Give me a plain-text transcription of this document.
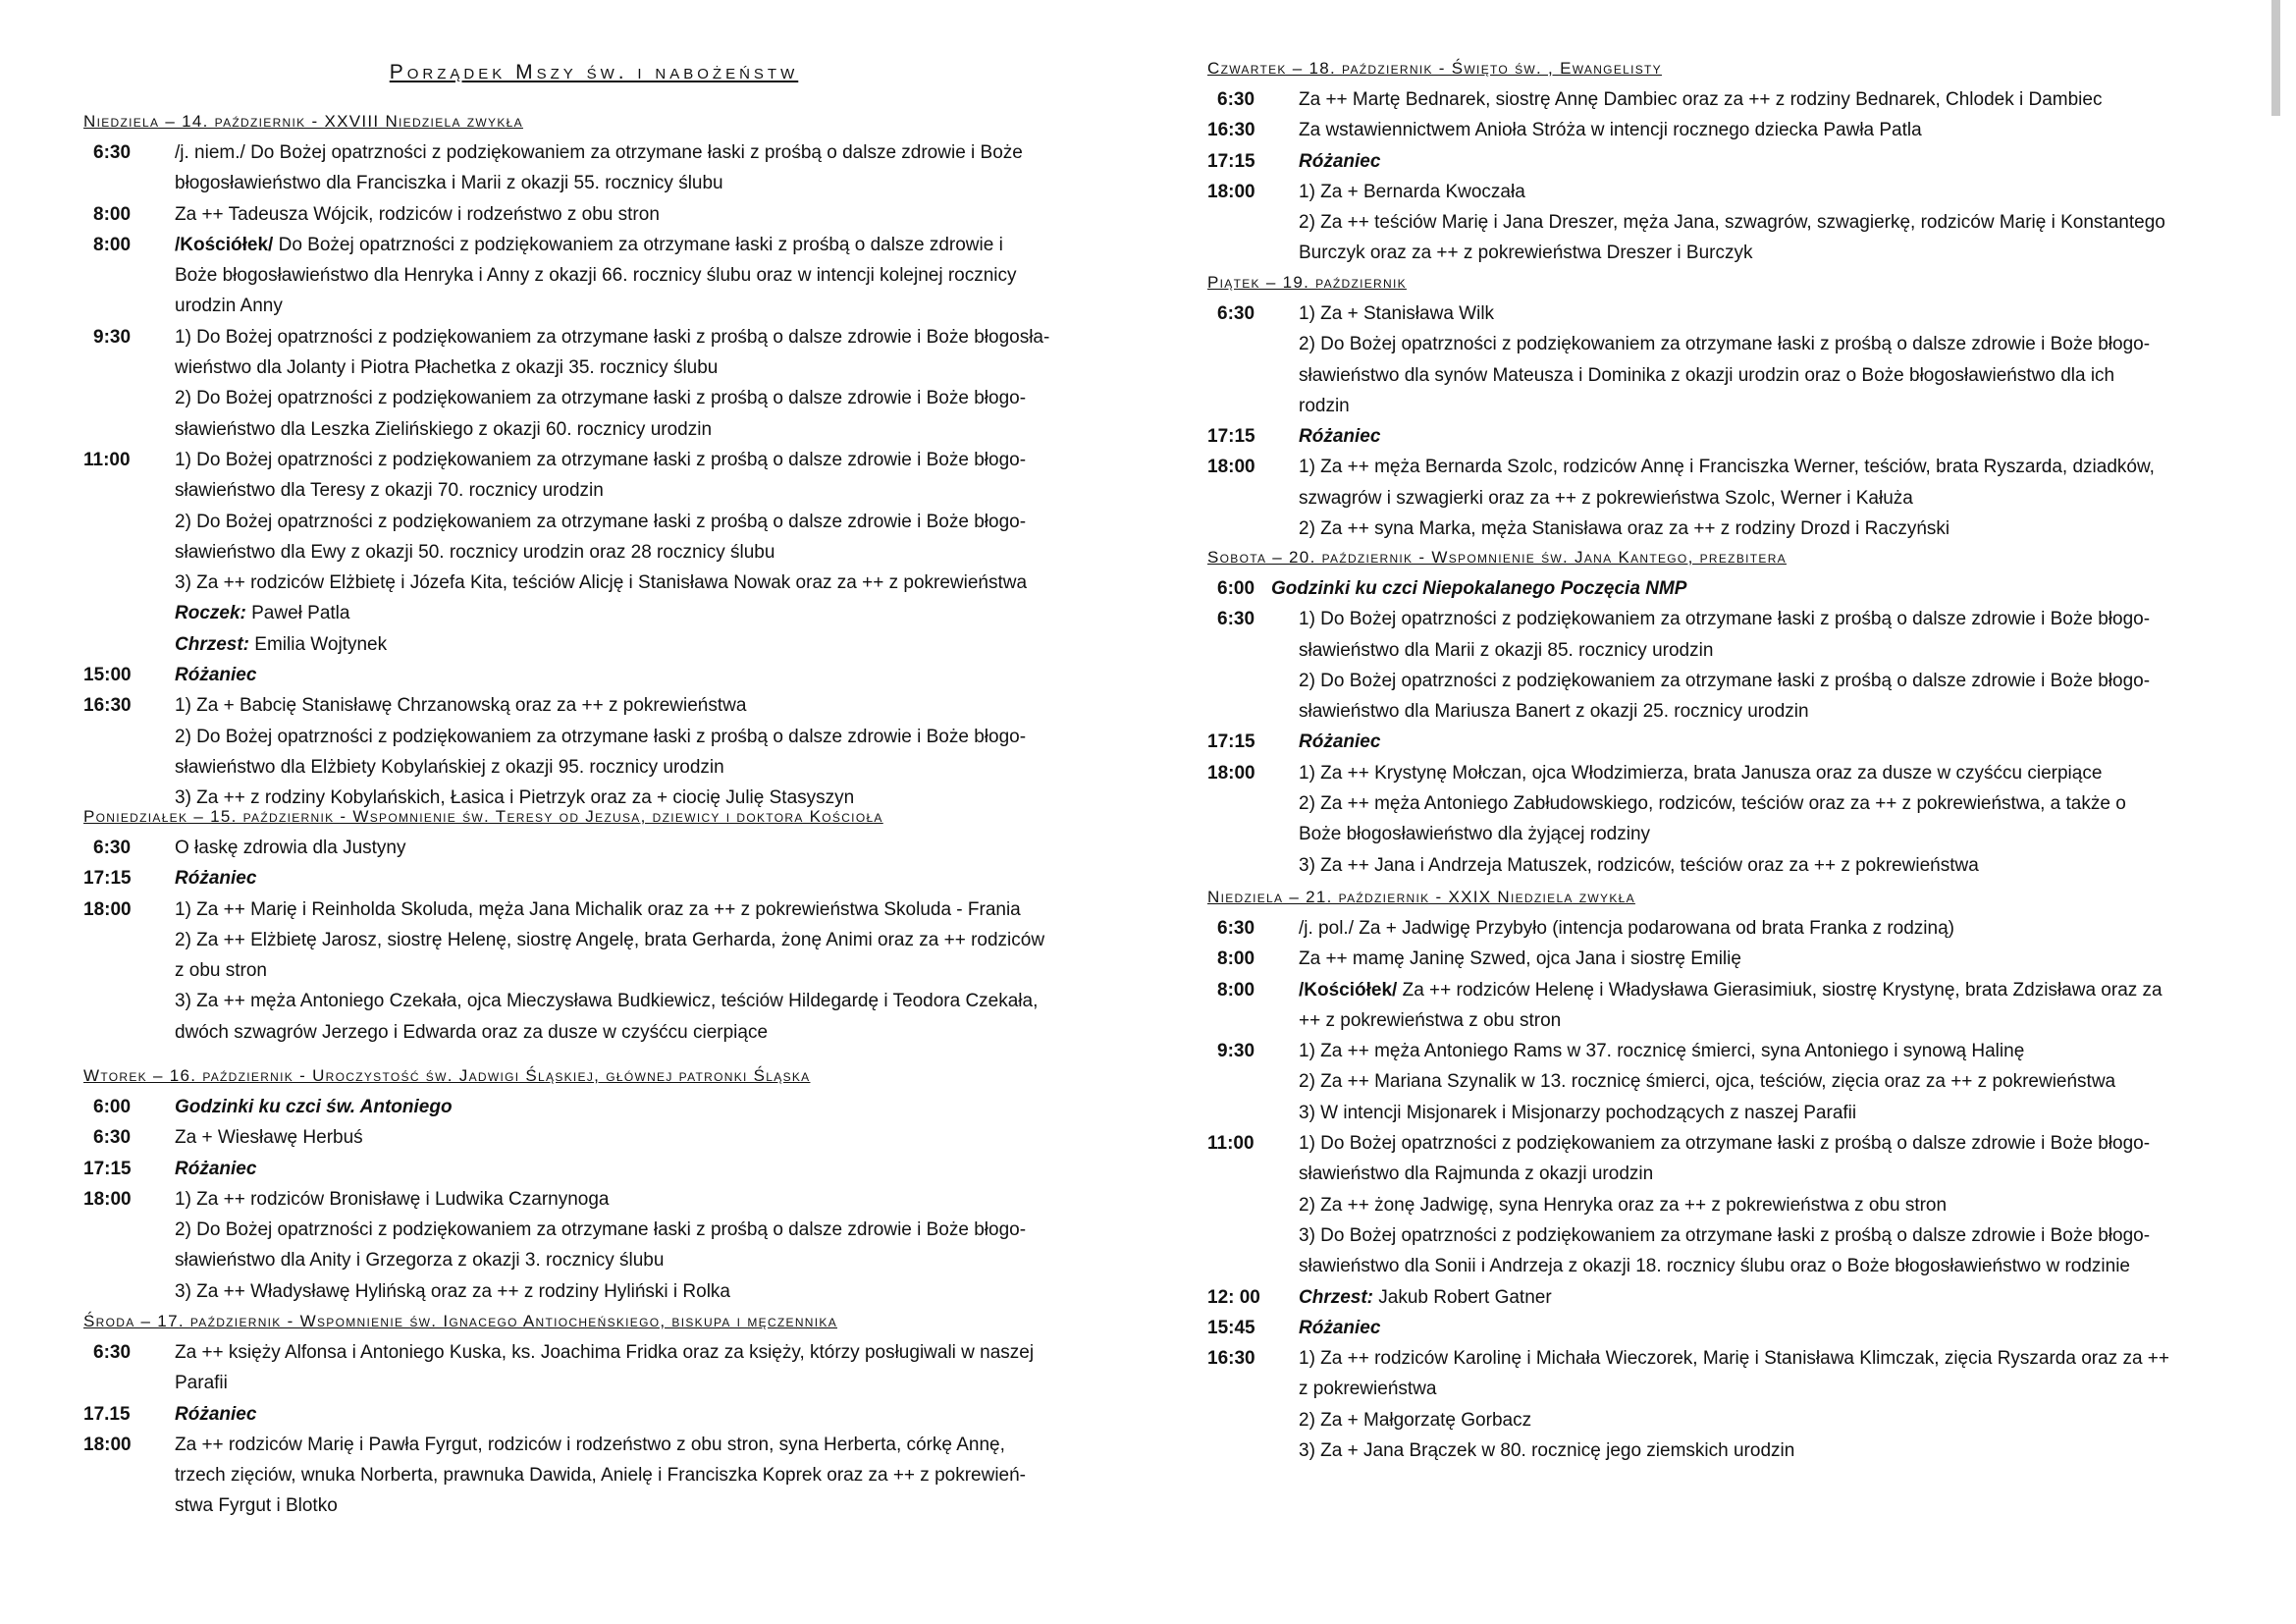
Porządek Mszy św. i nabożeństw
Niedziela – 14. październik - XXVIII Niedziela zwykła
6:30	/j. niem./ Do Bożej opatrzności z podziękowaniem za otrzymane łaski z prośbą o dalsze zdrowie i Boże
błogosławieństwo dla Franciszka i Marii z okazji 55. rocznicy ślubu
8:00	Za ++ Tadeusza Wójcik, rodziców i rodzeństwo z obu stron
8:00	/Kościółek/ Do Bożej opatrzności z podziękowaniem za otrzymane łaski z prośbą o dalsze zdrowie i
Boże błogosławieństwo dla Henryka i Anny z okazji 66. rocznicy ślubu oraz w intencji kolejnej rocznicy
urodzin Anny
9:30	1) Do Bożej opatrzności z podziękowaniem za otrzymane łaski z prośbą o dalsze zdrowie i Boże błogosła-
wieństwo dla Jolanty i Piotra Płachetka z okazji 35. rocznicy ślubu
2) Do Bożej opatrzności z podziękowaniem za otrzymane łaski z prośbą o dalsze zdrowie i Boże błogo-
sławieństwo dla Leszka Zielińskiego z okazji 60. rocznicy urodzin
11:00	1) Do Bożej opatrzności z podziękowaniem za otrzymane łaski z prośbą o dalsze zdrowie i Boże błogo-
sławieństwo dla Teresy z okazji 70. rocznicy urodzin
2) Do Bożej opatrzności z podziękowaniem za otrzymane łaski z prośbą o dalsze zdrowie i Boże błogo-
sławieństwo dla Ewy z okazji 50. rocznicy urodzin oraz 28 rocznicy ślubu
3) Za ++ rodziców Elżbietę i Józefa Kita, teściów Alicję i Stanisława Nowak oraz za ++ z pokrewieństwa
Roczek: Paweł Patla
Chrzest: Emilia Wojtynek
15:00	Różaniec
16:30	1) Za + Babcię Stanisławę Chrzanowską oraz za ++ z pokrewieństwa
2) Do Bożej opatrzności z podziękowaniem za otrzymane łaski z prośbą o dalsze zdrowie i Boże błogo-
sławieństwo dla Elżbiety Kobylańskiej z okazji 95. rocznicy urodzin
3) Za ++ z rodziny Kobylańskich, Łasica i Pietrzyk oraz za + ciocię Julię Stasyszyn
Poniedziałek – 15. październik - Wspomnienie św. Teresy od Jezusa, dziewicy i doktora Kościoła
6:30	O łaskę zdrowia dla Justyny
17:15	Różaniec
18:00	1) Za ++ Marię i Reinholda Skoluda, męża Jana Michalik oraz za ++ z pokrewieństwa Skoluda - Frania
2) Za ++ Elżbietę Jarosz, siostrę Helenę, siostrę Angelę, brata Gerharda, żonę Animi oraz za ++ rodziców
z obu stron
3) Za ++ męża Antoniego Czekała, ojca Mieczysława Budkiewicz, teściów Hildegardę i Teodora Czekała,
dwóch szwagrów Jerzego i Edwarda oraz za dusze w czyśćcu cierpiące
Wtorek – 16. październik - Uroczystość św. Jadwigi Śląskiej, głównej patronki Śląska
6:00	Godzinki ku czci św. Antoniego
6:30	Za + Wiesławę Herbuś
17:15	Różaniec
18:00	1) Za ++ rodziców Bronisławę i Ludwika Czarnynoga
2) Do Bożej opatrzności z podziękowaniem za otrzymane łaski z prośbą o dalsze zdrowie i Boże błogo-
sławieństwo dla Anity i Grzegorza z okazji 3. rocznicy ślubu
3) Za ++ Władysławę Hylińską oraz za ++ z rodziny Hyliński i Rolka
Środa – 17. październik - Wspomnienie św. Ignacego Antiocheńskiego, biskupa i męczennika
6:30	Za ++ księży Alfonsa i Antoniego Kuska, ks. Joachima Fridka oraz za księży, którzy posługiwali w naszej
Parafii
17.15	Różaniec
18:00	Za ++ rodziców Marię i Pawła Fyrgut, rodziców i rodzeństwo z obu stron, syna Herberta, córkę Annę,
trzech zięciów, wnuka Norberta, prawnuka Dawida, Anielę i Franciszka Koprek oraz za ++ z pokrewień-
stwa Fyrgut i Blotko
Czwartek – 18. październik - Święto św. , Ewangelisty
6:30	Za ++ Martę Bednarek, siostrę Annę Dambiec oraz za ++ z rodziny Bednarek, Chlodek i Dambiec
16:30	Za wstawiennictwem Anioła Stróża w intencji rocznego dziecka Pawła Patla
17:15	Różaniec
18:00	1) Za + Bernarda Kwoczała
2) Za ++ teściów Marię i Jana Dreszer, męża Jana, szwagrów, szwagierkę, rodziców Marię i Konstantego
Burczyk oraz za ++ z pokrewieństwa Dreszer i Burczyk
Piątek – 19. październik
6:30	1) Za + Stanisława Wilk
2) Do Bożej opatrzności z podziękowaniem za otrzymane łaski z prośbą o dalsze zdrowie i Boże błogo-
sławieństwo dla synów Mateusza i Dominika z okazji urodzin oraz o Boże błogosławieństwo dla ich
rodzin
17:15	Różaniec
18:00	1) Za ++ męża Bernarda Szolc, rodziców Annę i Franciszka Werner, teściów, brata Ryszarda, dziadków,
szwagrów i szwagierki oraz za ++ z pokrewieństwa Szolc, Werner i Kałuża
2) Za ++ syna Marka, męża Stanisława oraz za ++ z rodziny Drozd i Raczyński
Sobota – 20. październik - Wspomnienie św. Jana Kantego, prezbitera
6:00 Godzinki ku czci Niepokalanego Poczęcia NMP
6:30	1) Do Bożej opatrzności z podziękowaniem za otrzymane łaski z prośbą o dalsze zdrowie i Boże błogo-
sławieństwo dla Marii z okazji 85. rocznicy urodzin
2) Do Bożej opatrzności z podziękowaniem za otrzymane łaski z prośbą o dalsze zdrowie i Boże błogo-
sławieństwo dla Mariusza Banert z okazji 25. rocznicy urodzin
17:15	Różaniec
18:00	1) Za ++ Krystynę Mołczan, ojca Włodzimierza, brata Janusza oraz za dusze w czyśćcu cierpiące
2) Za ++ męża Antoniego Zabłudowskiego, rodziców, teściów oraz za ++ z pokrewieństwa, a także o
Boże błogosławieństwo dla żyjącej rodziny
3) Za ++ Jana i Andrzeja Matuszek, rodziców, teściów oraz za ++ z pokrewieństwa
Niedziela – 21. październik - XXIX Niedziela zwykła
6:30	/j. pol./ Za + Jadwigę Przybyło (intencja podarowana od brata Franka z rodziną)
8:00	Za ++ mamę Janinę Szwed, ojca Jana i siostrę Emilię
8:00	/Kościółek/ Za ++ rodziców Helenę i Władysława Gierasimiuk, siostrę Krystynę, brata Zdzisława oraz za
++ z pokrewieństwa z obu stron
9:30	1) Za ++ męża Antoniego Rams w 37. rocznicę śmierci, syna Antoniego i synową Halinę
2) Za ++ Mariana Szynalik w 13. rocznicę śmierci, ojca, teściów, zięcia oraz za ++ z pokrewieństwa
3) W intencji Misjonarek i Misjonarzy pochodzących z naszej Parafii
11:00	1) Do Bożej opatrzności z podziękowaniem za otrzymane łaski z prośbą o dalsze zdrowie i Boże błogo-
sławieństwo dla Rajmunda z okazji urodzin
2) Za ++ żonę Jadwigę, syna Henryka oraz za ++ z pokrewieństwa z obu stron
3) Do Bożej opatrzności z podziękowaniem za otrzymane łaski z prośbą o dalsze zdrowie i Boże błogo-
sławieństwo dla Sonii i Andrzeja z okazji 18. rocznicy ślubu oraz o Boże błogosławieństwo w rodzinie
12: 00	Chrzest: Jakub Robert Gatner
15:45	Różaniec
16:30	1) Za ++ rodziców Karolinę i Michała Wieczorek, Marię i Stanisława Klimczak, zięcia Ryszarda oraz za ++
z pokrewieństwa
2) Za + Małgorzatę Gorbacz
3) Za + Jana Brączek w 80. rocznicę jego ziemskich urodzin
